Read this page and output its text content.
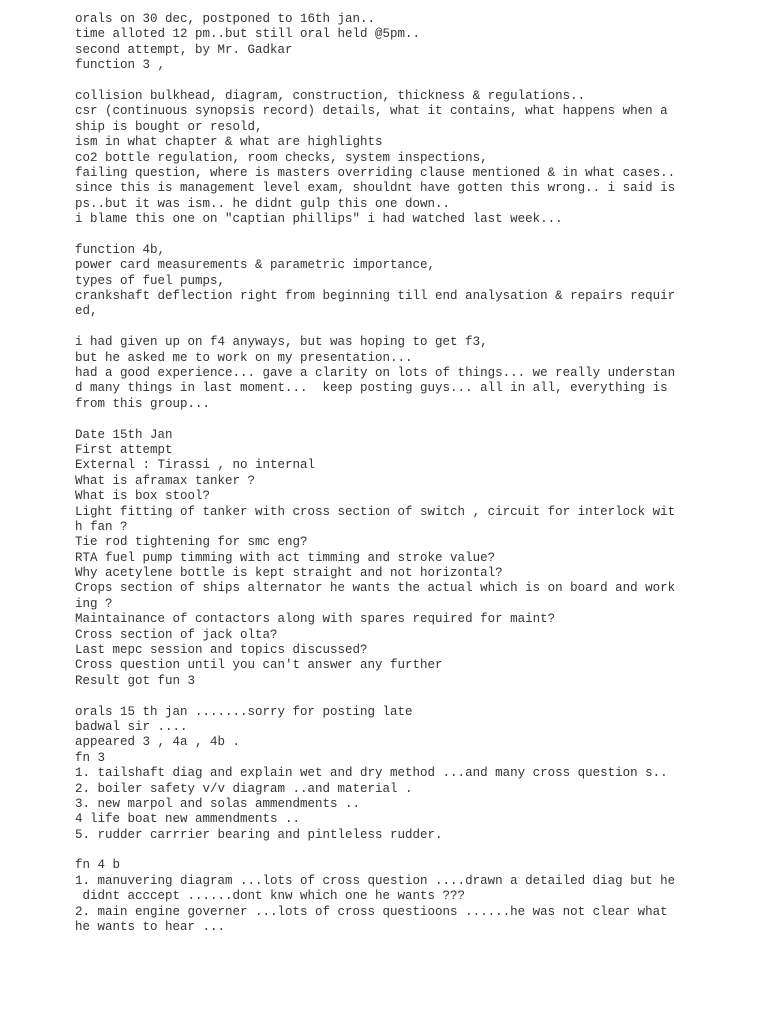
orals on 30 dec, postponed to 16th jan..
time alloted 12 pm..but still oral held @5pm..
second attempt, by Mr. Gadkar
function 3 ,
collision bulkhead, diagram, construction, thickness & regulations..
csr (continuous synopsis record) details, what it contains, what happens when a
ship is bought or resold,
ism in what chapter & what are highlights
co2 bottle regulation, room checks, system inspections,
failing question, where is masters overriding clause mentioned & in what cases..
since this is management level exam, shouldnt have gotten this wrong.. i said is
ps..but it was ism.. he didnt gulp this one down..
i blame this one on "captian phillips" i had watched last week...
function 4b,
power card measurements & parametric importance,
types of fuel pumps,
crankshaft deflection right from beginning till end analysation & repairs requir
ed,
i had given up on f4 anyways, but was hoping to get f3,
but he asked me to work on my presentation...
had a good experience... gave a clarity on lots of things... we really understan
d many things in last moment...  keep posting guys... all in all, everything is
from this group...
Date 15th Jan
First attempt
External : Tirassi , no internal
What is aframax tanker ?
What is box stool?
Light fitting of tanker with cross section of switch , circuit for interlock wit
h fan ?
Tie rod tightening for smc eng?
RTA fuel pump timming with act timming and stroke value?
Why acetylene bottle is kept straight and not horizontal?
Crops section of ships alternator he wants the actual which is on board and work
ing ?
Maintainance of contactors along with spares required for maint?
Cross section of jack olta?
Last mepc session and topics discussed?
Cross question until you can't answer any further
Result got fun 3
orals 15 th jan .......sorry for posting late
badwal sir ....
appeared 3 , 4a , 4b .
fn 3
1. tailshaft diag and explain wet and dry method ...and many cross question s..
2. boiler safety v/v diagram ..and material .
3. new marpol and solas ammendments ..
4 life boat new ammendments ..
5. rudder carrrier bearing and pintleless rudder.
fn 4 b
1. manuvering diagram ...lots of cross question ....drawn a detailed diag but he
didnt acccept ......dont knw which one he wants ???
2. main engine governer ...lots of cross questioons ......he was not clear what
he wants to hear ...
